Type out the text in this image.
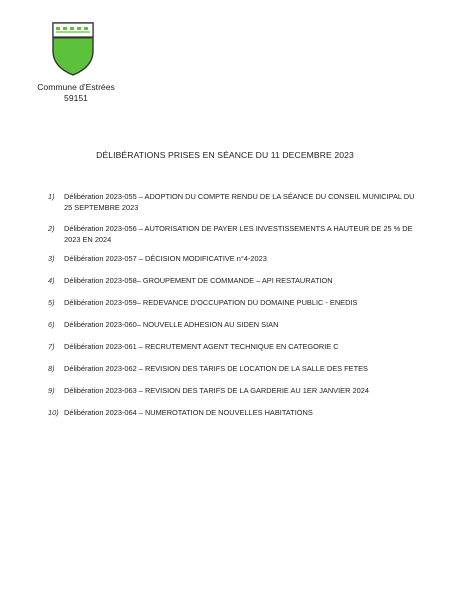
Commune d'Estrées
59151
DÉLIBÉRATIONS PRISES EN SÉANCE DU 11 DECEMBRE 2023
1)	Délibération 2023-055 – ADOPTION DU COMPTE RENDU DE LA SÉANCE DU CONSEIL MUNICIPAL DU 25 SEPTEMBRE 2023
2)	Délibération 2023-056 – AUTORISATION DE PAYER LES INVESTISSEMENTS A HAUTEUR DE 25 % DE 2023 EN 2024
3)	Délibération 2023-057 – DÉCISION MODIFICATIVE n°4-2023
4)	Délibération 2023-058– GROUPEMENT DE COMMANDE – API RESTAURATION
5)	Délibération 2023-059– REDEVANCE D'OCCUPATION DU DOMAINE PUBLIC - ENEDIS
6)	Délibération 2023-060– NOUVELLE ADHESION AU SIDEN SIAN
7)	Délibération 2023-061 – RECRUTEMENT AGENT TECHNIQUE EN CATEGORIE C
8)	Délibération 2023-062 – REVISION DES TARIFS DE LOCATION DE LA SALLE DES FETES
9)	Délibération 2023-063 – REVISION DES TARIFS DE LA GARDERIE AU 1ER JANVIER 2024
10) Délibération 2023-064 – NUMEROTATION DE NOUVELLES HABITATIONS
